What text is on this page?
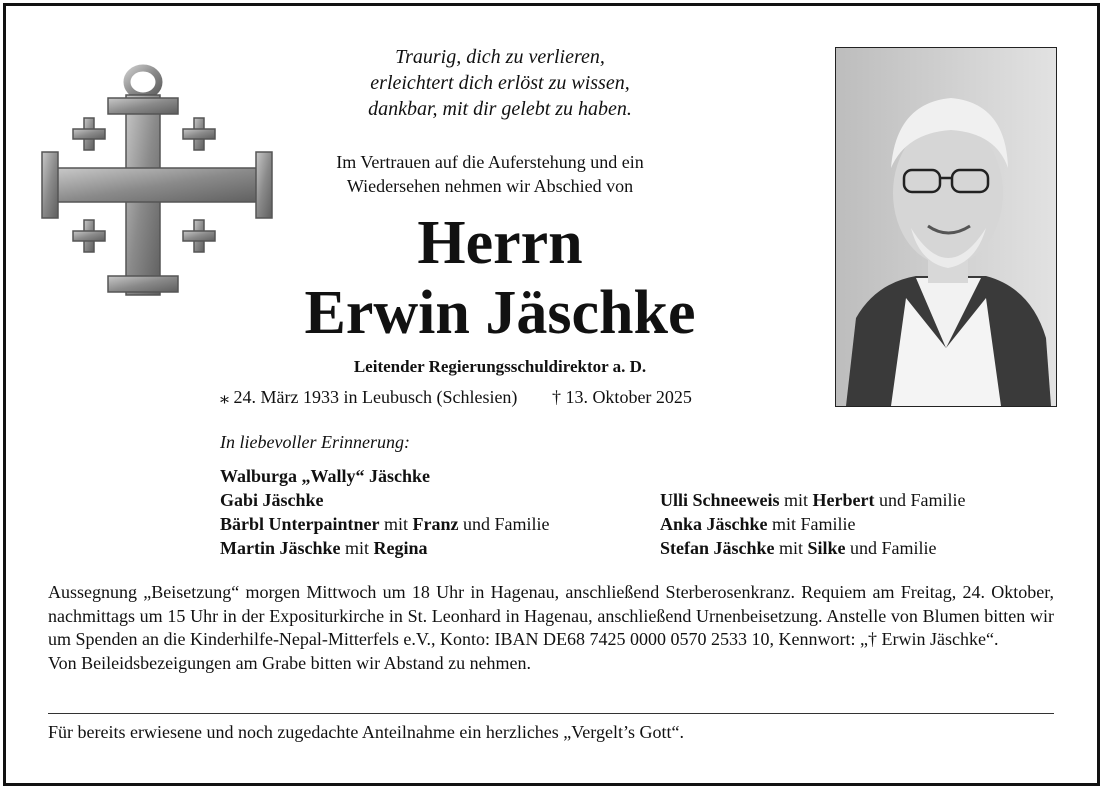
Traurig, dich zu verlieren,
erleichtert dich erlöst zu wissen,
dankbar, mit dir gelebt zu haben.
Im Vertrauen auf die Auferstehung und ein
Wiedersehen nehmen wir Abschied von
Herrn
Erwin Jäschke
Leitender Regierungsschuldirektor a. D.
⁎ 24. März 1933 in Leubusch (Schlesien) † 13. Oktober 2025
In liebevoller Erinnerung:
Walburga „Wally“ Jäschke
Gabi Jäschke
Bärbl Unterpaintner mit Franz und Familie
Martin Jäschke mit Regina
Ulli Schneeweis mit Herbert und Familie
Anka Jäschke mit Familie
Stefan Jäschke mit Silke und Familie
Aussegnung „Beisetzung“ morgen Mittwoch um 18 Uhr in Hagenau, anschließend Sterberosenkranz. Requiem am Freitag, 24. Oktober, nachmittags um 15 Uhr in der Expositurkirche in St. Leonhard in Hagenau, anschließend Urnenbeisetzung. Anstelle von Blumen bitten wir um Spenden an die Kinderhilfe-Nepal-Mitterfels e.V., Konto: IBAN DE68 7425 0000 0570 2533 10, Kennwort: „† Erwin Jäschke“.
Von Beileidsbezeigungen am Grabe bitten wir Abstand zu nehmen.
Für bereits erwiesene und noch zugedachte Anteilnahme ein herzliches „Vergelt’s Gott“.
